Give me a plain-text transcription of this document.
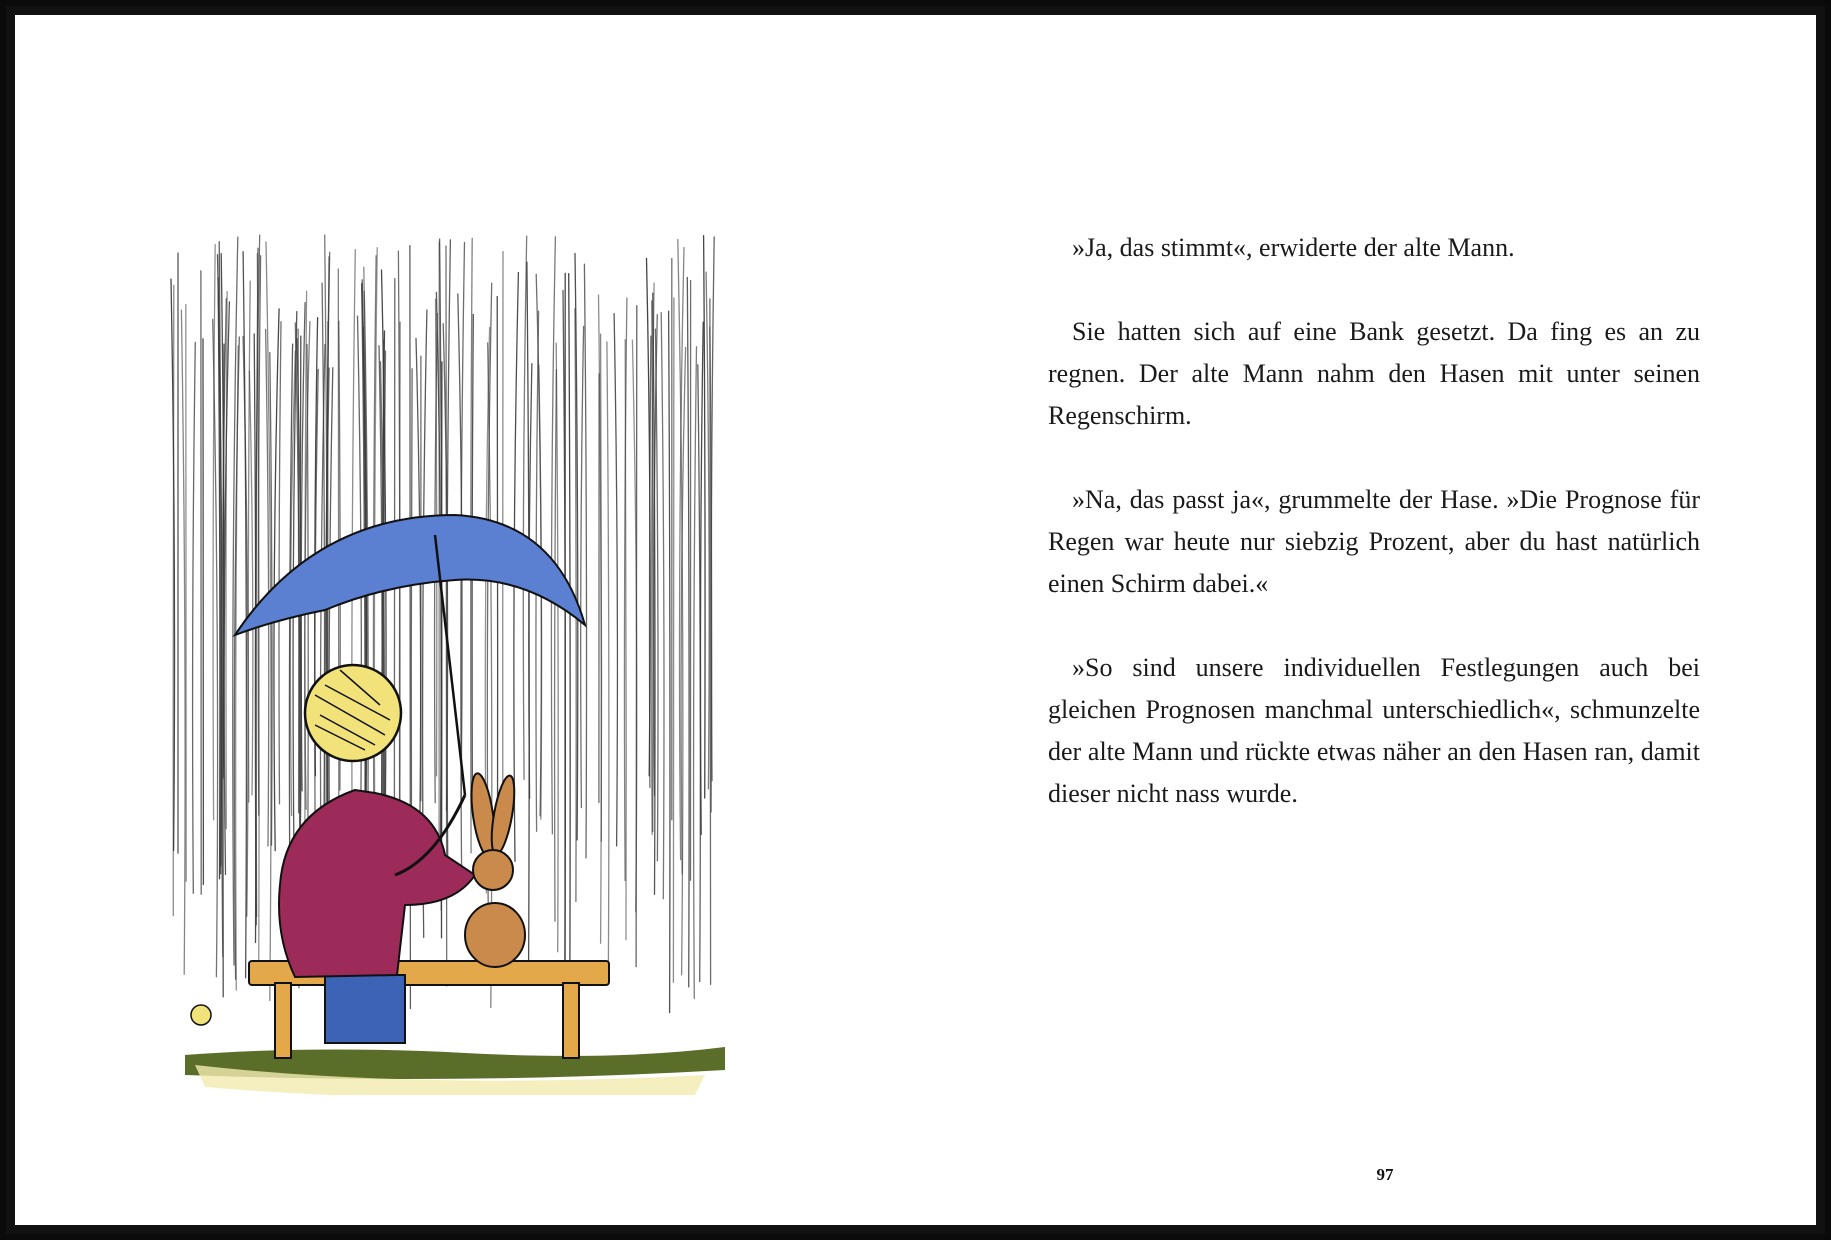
»Ja, das stimmt«, erwiderte der alte Mann.

Sie hatten sich auf eine Bank gesetzt. Da fing es an zu regnen. Der alte Mann nahm den Hasen mit unter seinen Regenschirm.

»Na, das passt ja«, grummelte der Hase. »Die Prognose für Regen war heute nur siebzig Prozent, aber du hast natürlich einen Schirm dabei.«

»So sind unsere individuellen Festlegungen auch bei gleichen Prognosen manchmal unterschiedlich«, schmunzelte der alte Mann und rückte etwas näher an den Hasen ran, damit dieser nicht nass wurde.

97
